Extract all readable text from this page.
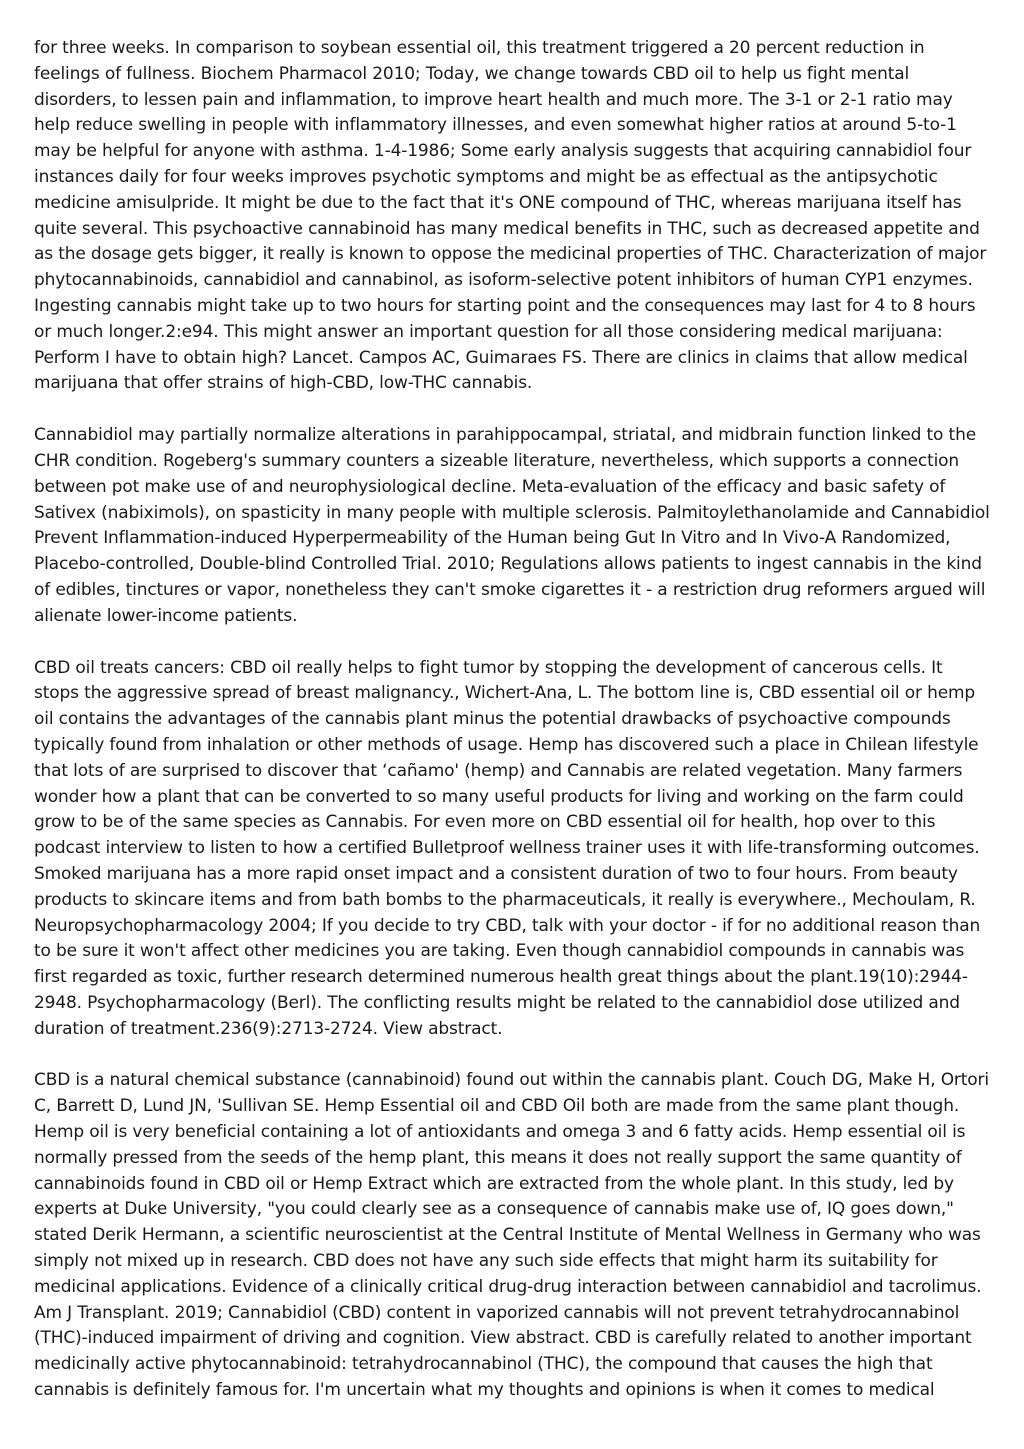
for three weeks. In comparison to soybean essential oil, this treatment triggered a 20 percent reduction in feelings of fullness. Biochem Pharmacol 2010; Today, we change towards CBD oil to help us fight mental disorders, to lessen pain and inflammation, to improve heart health and much more. The 3-1 or 2-1 ratio may help reduce swelling in people with inflammatory illnesses, and even somewhat higher ratios at around 5-to-1 may be helpful for anyone with asthma. 1-4-1986; Some early analysis suggests that acquiring cannabidiol four instances daily for four weeks improves psychotic symptoms and might be as effectual as the antipsychotic medicine amisulpride. It might be due to the fact that it's ONE compound of THC, whereas marijuana itself has quite several. This psychoactive cannabinoid has many medical benefits in THC, such as decreased appetite and as the dosage gets bigger, it really is known to oppose the medicinal properties of THC. Characterization of major phytocannabinoids, cannabidiol and cannabinol, as isoform-selective potent inhibitors of human CYP1 enzymes. Ingesting cannabis might take up to two hours for starting point and the consequences may last for 4 to 8 hours or much longer.2:e94. This might answer an important question for all those considering medical marijuana: Perform I have to obtain high? Lancet. Campos AC, Guimaraes FS. There are clinics in claims that allow medical marijuana that offer strains of high-CBD, low-THC cannabis.

Cannabidiol may partially normalize alterations in parahippocampal, striatal, and midbrain function linked to the CHR condition. Rogeberg's summary counters a sizeable literature, nevertheless, which supports a connection between pot make use of and neurophysiological decline. Meta-evaluation of the efficacy and basic safety of Sativex (nabiximols), on spasticity in many people with multiple sclerosis. Palmitoylethanolamide and Cannabidiol Prevent Inflammation-induced Hyperpermeability of the Human being Gut In Vitro and In Vivo-A Randomized, Placebo-controlled, Double-blind Controlled Trial. 2010; Regulations allows patients to ingest cannabis in the kind of edibles, tinctures or vapor, nonetheless they can't smoke cigarettes it - a restriction drug reformers argued will alienate lower-income patients.

CBD oil treats cancers: CBD oil really helps to fight tumor by stopping the development of cancerous cells. It stops the aggressive spread of breast malignancy., Wichert-Ana, L. The bottom line is, CBD essential oil or hemp oil contains the advantages of the cannabis plant minus the potential drawbacks of psychoactive compounds typically found from inhalation or other methods of usage. Hemp has discovered such a place in Chilean lifestyle that lots of are surprised to discover that ‘cañamo' (hemp) and Cannabis are related vegetation. Many farmers wonder how a plant that can be converted to so many useful products for living and working on the farm could grow to be of the same species as Cannabis. For even more on CBD essential oil for health, hop over to this podcast interview to listen to how a certified Bulletproof wellness trainer uses it with life-transforming outcomes. Smoked marijuana has a more rapid onset impact and a consistent duration of two to four hours. From beauty products to skincare items and from bath bombs to the pharmaceuticals, it really is everywhere., Mechoulam, R. Neuropsychopharmacology 2004; If you decide to try CBD, talk with your doctor - if for no additional reason than to be sure it won't affect other medicines you are taking. Even though cannabidiol compounds in cannabis was first regarded as toxic, further research determined numerous health great things about the plant.19(10):2944-2948. Psychopharmacology (Berl). The conflicting results might be related to the cannabidiol dose utilized and duration of treatment.236(9):2713-2724. View abstract.

CBD is a natural chemical substance (cannabinoid) found out within the cannabis plant. Couch DG, Make H, Ortori C, Barrett D, Lund JN, 'Sullivan SE. Hemp Essential oil and CBD Oil both are made from the same plant though. Hemp oil is very beneficial containing a lot of antioxidants and omega 3 and 6 fatty acids. Hemp essential oil is normally pressed from the seeds of the hemp plant, this means it does not really support the same quantity of cannabinoids found in CBD oil or Hemp Extract which are extracted from the whole plant. In this study, led by experts at Duke University, "you could clearly see as a consequence of cannabis make use of, IQ goes down," stated Derik Hermann, a scientific neuroscientist at the Central Institute of Mental Wellness in Germany who was simply not mixed up in research. CBD does not have any such side effects that might harm its suitability for medicinal applications. Evidence of a clinically critical drug-drug interaction between cannabidiol and tacrolimus. Am J Transplant. 2019; Cannabidiol (CBD) content in vaporized cannabis will not prevent tetrahydrocannabinol (THC)-induced impairment of driving and cognition. View abstract. CBD is carefully related to another important medicinally active phytocannabinoid: tetrahydrocannabinol (THC), the compound that causes the high that cannabis is definitely famous for. I'm uncertain what my thoughts and opinions is when it comes to medical
